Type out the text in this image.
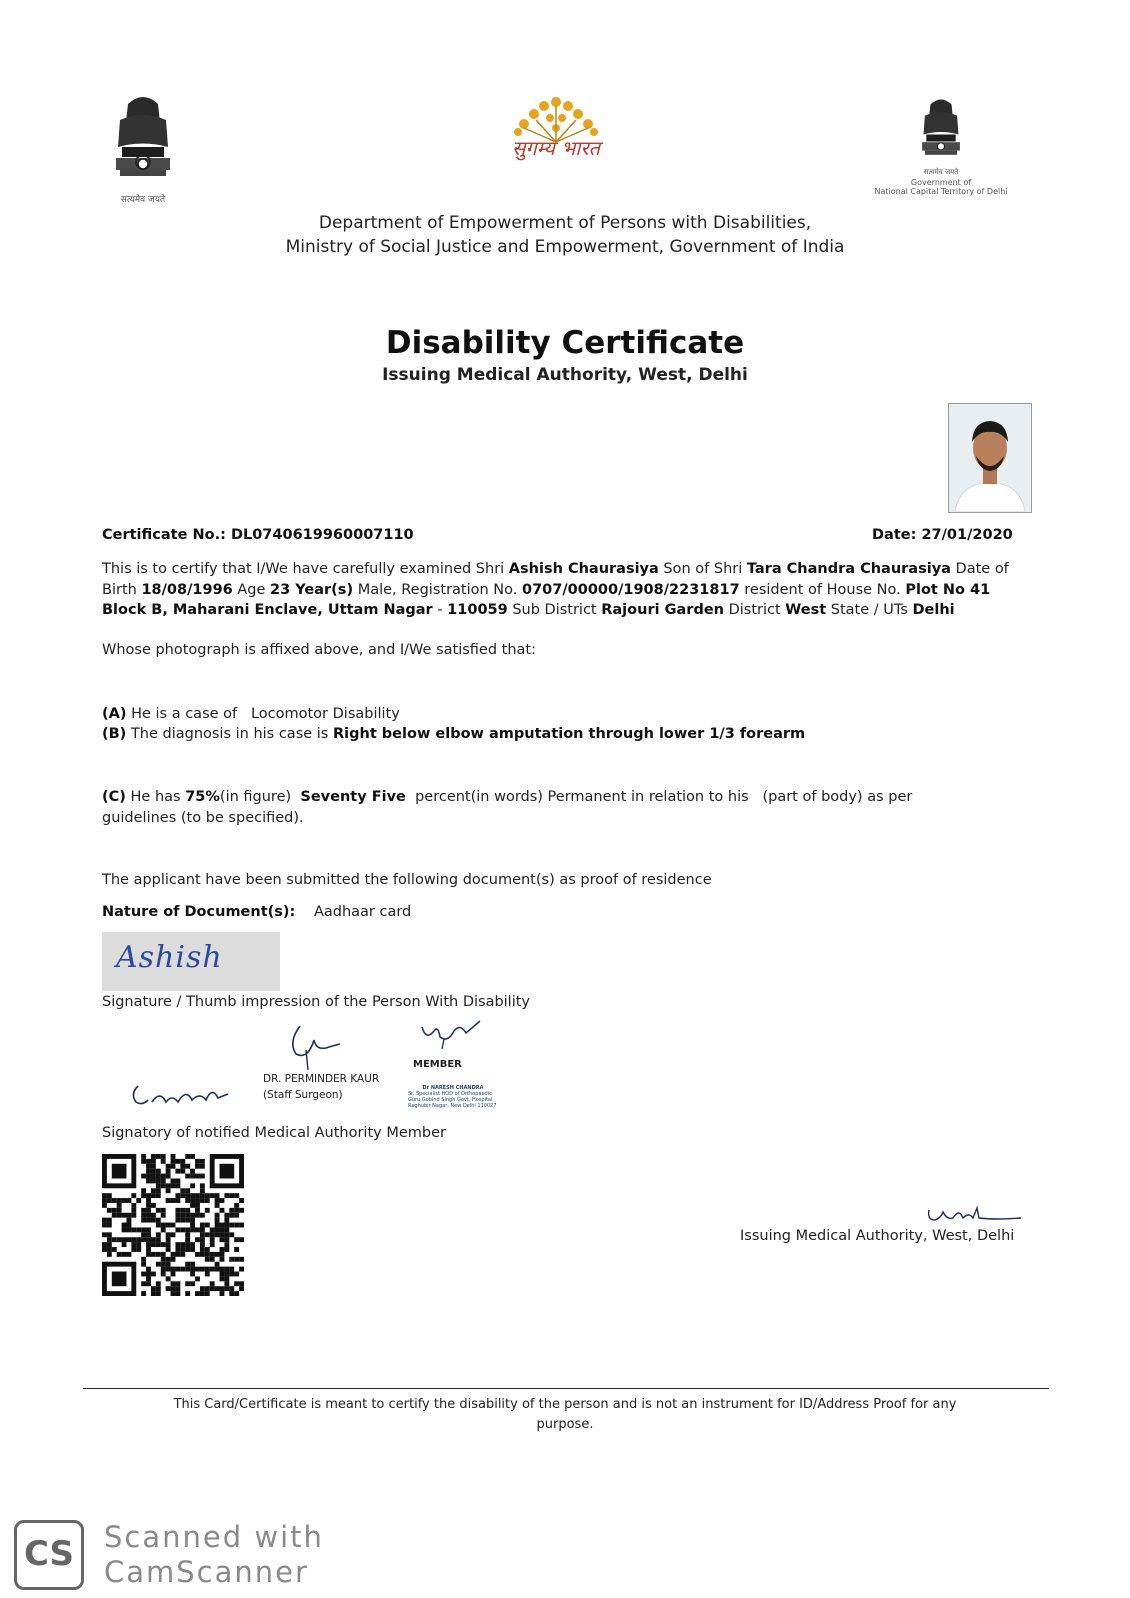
सत्यमेव जयते
सुगम्य भारत
सत्यमेव जयते
Government of
National Capital Territory of Delhi
Department of Empowerment of Persons with Disabilities,
Ministry of Social Justice and Empowerment, Government of India
Disability Certificate
Issuing Medical Authority, West, Delhi
Certificate No.: DL0740619960007110	Date: 27/01/2020
This is to certify that I/We have carefully examined Shri Ashish Chaurasiya Son of Shri Tara Chandra Chaurasiya Date of Birth 18/08/1996 Age 23 Year(s) Male, Registration No. 0707/00000/1908/2231817 resident of House No. Plot No 41 Block B, Maharani Enclave, Uttam Nagar - 110059 Sub District Rajouri Garden District West State / UTs Delhi
Whose photograph is affixed above, and I/We satisfied that:
(A) He is a case of   Locomotor Disability
(B) The diagnosis in his case is Right below elbow amputation through lower 1/3 forearm
(C) He has 75%(in figure) Seventy Five percent(in words) Permanent in relation to his   (part of body) as per
guidelines (to be specified).
The applicant have been submitted the following document(s) as proof of residence
Nature of Document(s): Aadhaar card
Ashish
Signature / Thumb impression of the Person With Disability
DR. PERMINDER KAUR
(Staff Surgeon)
MEMBER
Dr NARESH CHANDRA
Sr. Specialist HOD of Orthopaedic
Guru Gobind Singh Govt. Hospital
Raghubir Nagar, New Delhi 110027
Signatory of notified Medical Authority Member
Issuing Medical Authority, West, Delhi
This Card/Certificate is meant to certify the disability of the person and is not an instrument for ID/Address Proof for any
purpose.
CS Scanned with
CamScanner
